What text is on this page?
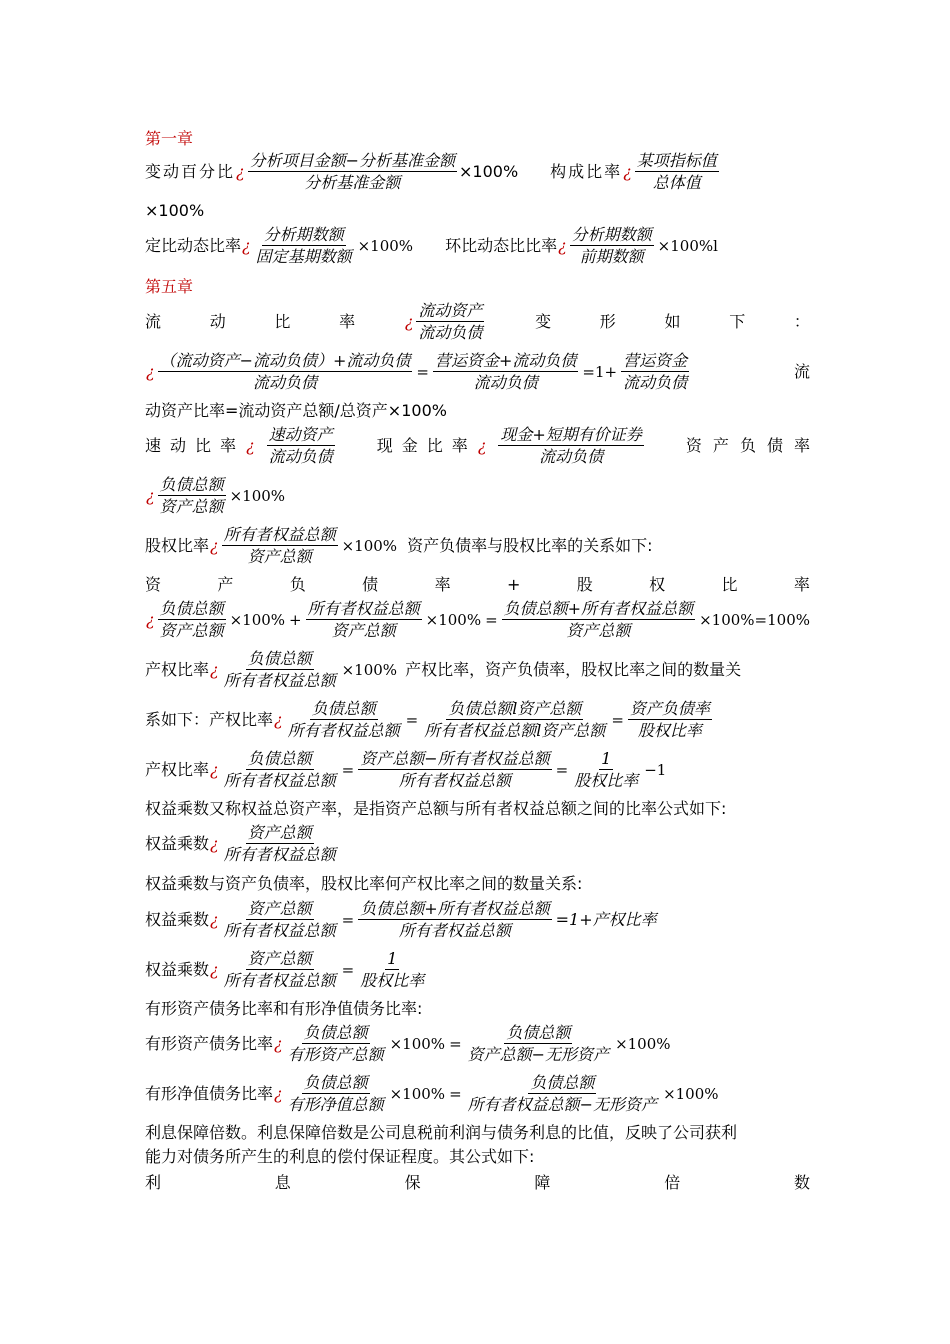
第一章
变动百分比 ¿ $\frac{\text{分析项目金额−分析基准金额}}{\text{分析基准金额}} \times 100\%$ 构成比率 ¿ $\frac{\text{某项指标值}}{\text{总体值}}$
×100%
定比动态比率 ¿ $\frac{\text{分析期数额}}{\text{固定基期数额}} \times 100\%$ 环比动态比比率 ¿ $\frac{\text{分析期数额}}{\text{前期数额}} \times 100\%l$
第五章
流	动	比	率	¿ $\frac{\text{流动资产}}{\text{流动负债}}$	变	形	如	下	：
¿ $\frac{\text{（流动资产−流动负债）+流动负债}}{\text{流动负债}} = \frac{\text{营运资金+流动负债}}{\text{流动负债}} =1+ \frac{\text{营运资金}}{\text{流动负债}}$	流
动资产比率=流动资产总额/总资产×100%
速 动 比 率 ¿ $\frac{\text{速动资产}}{\text{流动负债}}$	现 金 比 率 ¿ $\frac{\text{现金+短期有价证券}}{\text{流动负债}}$	资 产 负 债 率
¿ $\frac{\text{负债总额}}{\text{资产总额}} \times 100\%$
股权比率 ¿ $\frac{\text{所有者权益总额}}{\text{资产总额}} \times 100\%$ 资产负债率与股权比率的关系如下:
资	产	负	债	率	+	股	权	比	率
¿ $\frac{\text{负债总额}}{\text{资产总额}} \times 100\% + \frac{\text{所有者权益总额}}{\text{资产总额}} \times 100\% = \frac{\text{负债总额+所有者权益总额}}{\text{资产总额}} \times 100\%=100\%$
产权比率 ¿ $\frac{\text{负债总额}}{\text{所有者权益总额}} \times 100\%$ 产权比率，资产负债率，股权比率之间的数量关
系如下：产权比率 ¿ $\frac{\text{负债总额}}{\text{所有者权益总额}} = \frac{\text{负债总额l资产总额}}{\text{所有者权益总额l资产总额}} = \frac{\text{资产负债率}}{\text{股权比率}}$
产权比率 ¿ $\frac{\text{负债总额}}{\text{所有者权益总额}} = \frac{\text{资产总额−所有者权益总额}}{\text{所有者权益总额}} = \frac{1}{\text{股权比率}} -1$
权益乘数又称权益总资产率，是指资产总额与所有者权益总额之间的比率公式如下:
权益乘数 ¿ $\frac{\text{资产总额}}{\text{所有者权益总额}}$
权益乘数与资产负债率，股权比率何产权比率之间的数量关系:
权益乘数 ¿ $\frac{\text{资产总额}}{\text{所有者权益总额}} = \frac{\text{负债总额+所有者权益总额}}{\text{所有者权益总额}} =1+$产权比率
权益乘数 ¿ $\frac{\text{资产总额}}{\text{所有者权益总额}} = \frac{1}{\text{股权比率}}$
有形资产债务比率和有形净值债务比率:
有形资产债务比率 ¿ $\frac{\text{负债总额}}{\text{有形资产总额}} \times 100\% = \frac{\text{负债总额}}{\text{资产总额−无形资产}} \times 100\%$
有形净值债务比率 ¿ $\frac{\text{负债总额}}{\text{有形净值总额}} \times 100\% = \frac{\text{负债总额}}{\text{所有者权益总额−无形资产}} \times 100\%$
利息保障倍数。利息保障倍数是公司息税前利润与债务利息的比值，反映了公司获利
能力对债务所产生的利息的偿付保证程度。其公式如下:
利	息	保	障	倍	数
